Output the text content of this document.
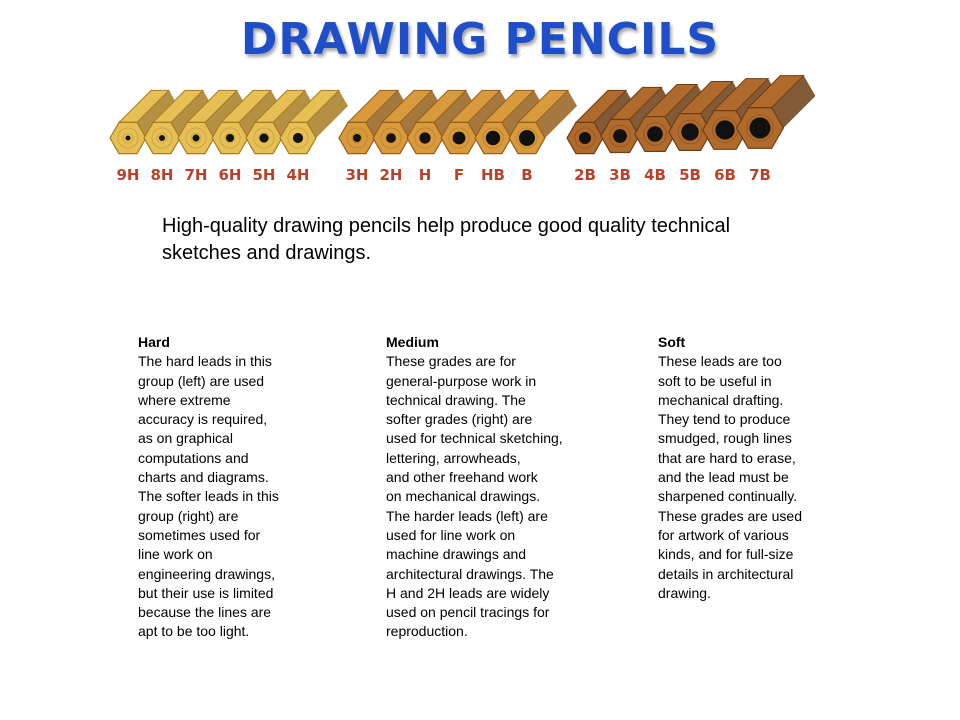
DRAWING PENCILS
9H 8H 7H 6H 5H 4H 3H 2H H F HB B	2B 3B 4B 5B 6B 7B
High-quality drawing pencils help produce good quality technical sketches and drawings.
Hard
The hard leads in this
group (left) are used
where extreme
accuracy is required,
as on graphical
computations and
charts and diagrams.
The softer leads in this
group (right) are
sometimes used for
line work on
engineering drawings,
but their use is limited
because the lines are
apt to be too light.
Medium
These grades are for
general-purpose work in
technical drawing. The
softer grades (right) are
used for technical sketching,
lettering, arrowheads,
and other freehand work
on mechanical drawings.
The harder leads (left) are
used for line work on
machine drawings and
architectural drawings. The
H and 2H leads are widely
used on pencil tracings for
reproduction.
Soft
These leads are too
soft to be useful in
mechanical drafting.
They tend to produce
smudged, rough lines
that are hard to erase,
and the lead must be
sharpened continually.
These grades are used
for artwork of various
kinds, and for full-size
details in architectural
drawing.
